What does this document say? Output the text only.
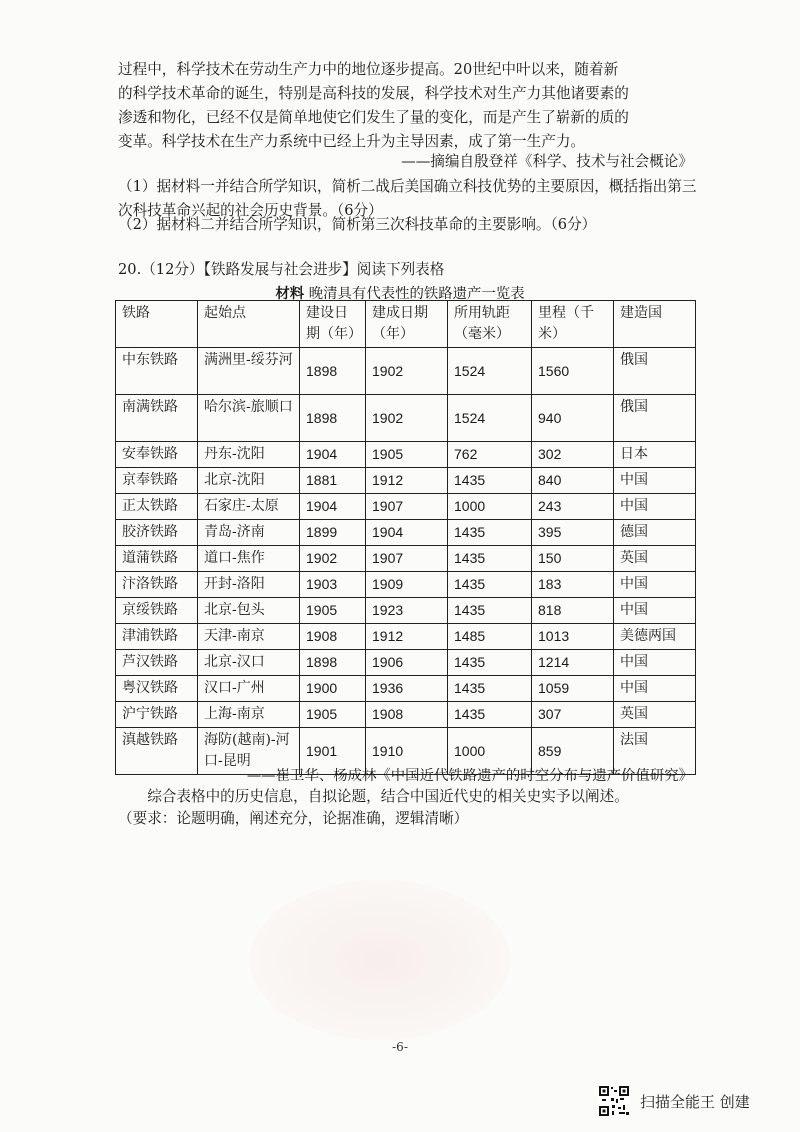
过程中，科学技术在劳动生产力中的地位逐步提高。20世纪中叶以来，随着新
的科学技术革命的诞生，特别是高科技的发展，科学技术对生产力其他诸要素的
渗透和物化，已经不仅是简单地使它们发生了量的变化，而是产生了崭新的质的
变革。科学技术在生产力系统中已经上升为主导因素，成了第一生产力。

——摘编自殷登祥《科学、技术与社会概论》
（1）据材料一并结合所学知识，简析二战后美国确立科技优势的主要原因，概括指出第三次科技革命兴起的社会历史背景。（6分）
（2）据材料二并结合所学知识，简析第三次科技革命的主要影响。（6分）
20.（12分）【铁路发展与社会进步】阅读下列表格
材料 晚清具有代表性的铁路遗产一览表
铁路	起始点	建设日期（年）	建成日期（年）	所用轨距（毫米）	里程（千米）	建造国
中东铁路	满洲里-绥芬河	1898	1902	1524	1560	俄国
南满铁路	哈尔滨-旅顺口	1898	1902	1524	940	俄国
安奉铁路	丹东-沈阳	1904	1905	762	302	日本
京奉铁路	北京-沈阳	1881	1912	1435	840	中国
正太铁路	石家庄-太原	1904	1907	1000	243	中国
胶济铁路	青岛-济南	1899	1904	1435	395	德国
道蒲铁路	道口-焦作	1902	1907	1435	150	英国
汴洛铁路	开封-洛阳	1903	1909	1435	183	中国
京绥铁路	北京-包头	1905	1923	1435	818	中国
津浦铁路	天津-南京	1908	1912	1485	1013	美德两国
芦汉铁路	北京-汉口	1898	1906	1435	1214	中国
粤汉铁路	汉口-广州	1900	1936	1435	1059	中国
沪宁铁路	上海-南京	1905	1908	1435	307	英国
滇越铁路	海防(越南)-河口-昆明	1901	1910	1000	859	法国
——崔卫华、杨成林《中国近代铁路遗产的时空分布与遗产价值研究》
综合表格中的历史信息，自拟论题，结合中国近代史的相关史实予以阐述。
（要求：论题明确，阐述充分，论据准确，逻辑清晰）
-6-
扫描全能王 创建
